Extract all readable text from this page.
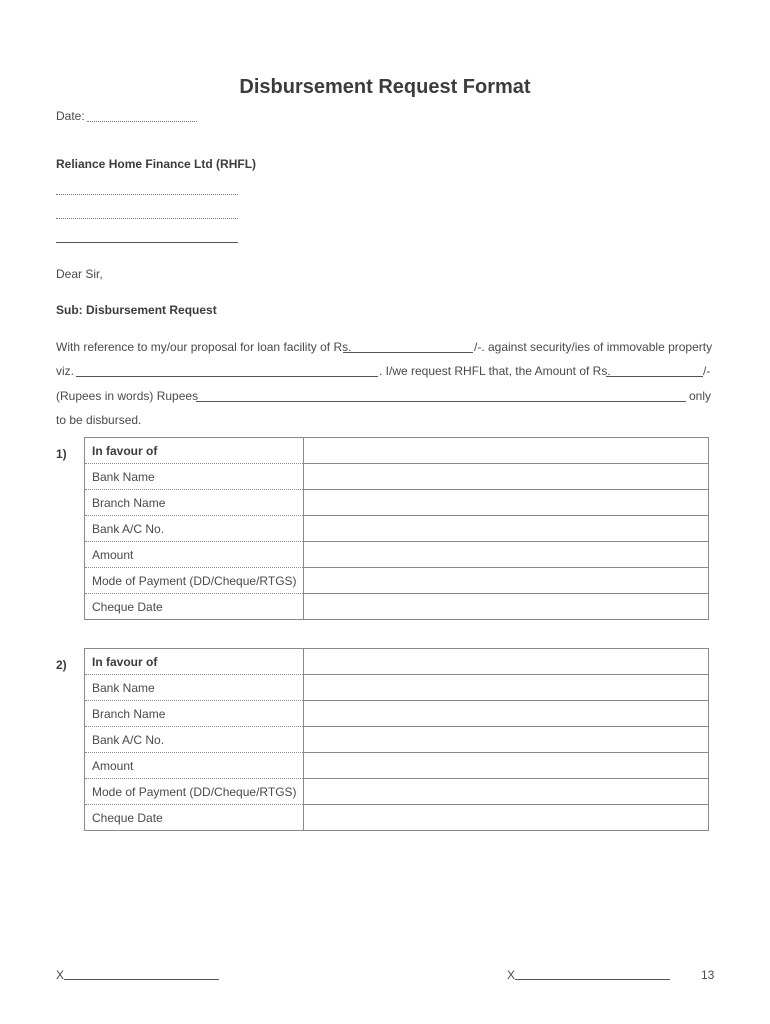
Disbursement Request Format
Date:
Reliance Home Finance Ltd (RHFL)
Dear Sir,
Sub: Disbursement Request
With reference to my/our proposal for loan facility of Rs.	/-. against security/ies of immovable property
viz.	. I/we request RHFL that, the Amount of Rs.	/-
(Rupees in words) Rupees	only
to be disbursed.
1) In favour of	
Bank Name	
Branch Name	
Bank A/C No.	
Amount	
Mode of Payment (DD/Cheque/RTGS)	
Cheque Date	
2) In favour of	
Bank Name	
Branch Name	
Bank A/C No.	
Amount	
Mode of Payment (DD/Cheque/RTGS)	
Cheque Date	
X	X	13
